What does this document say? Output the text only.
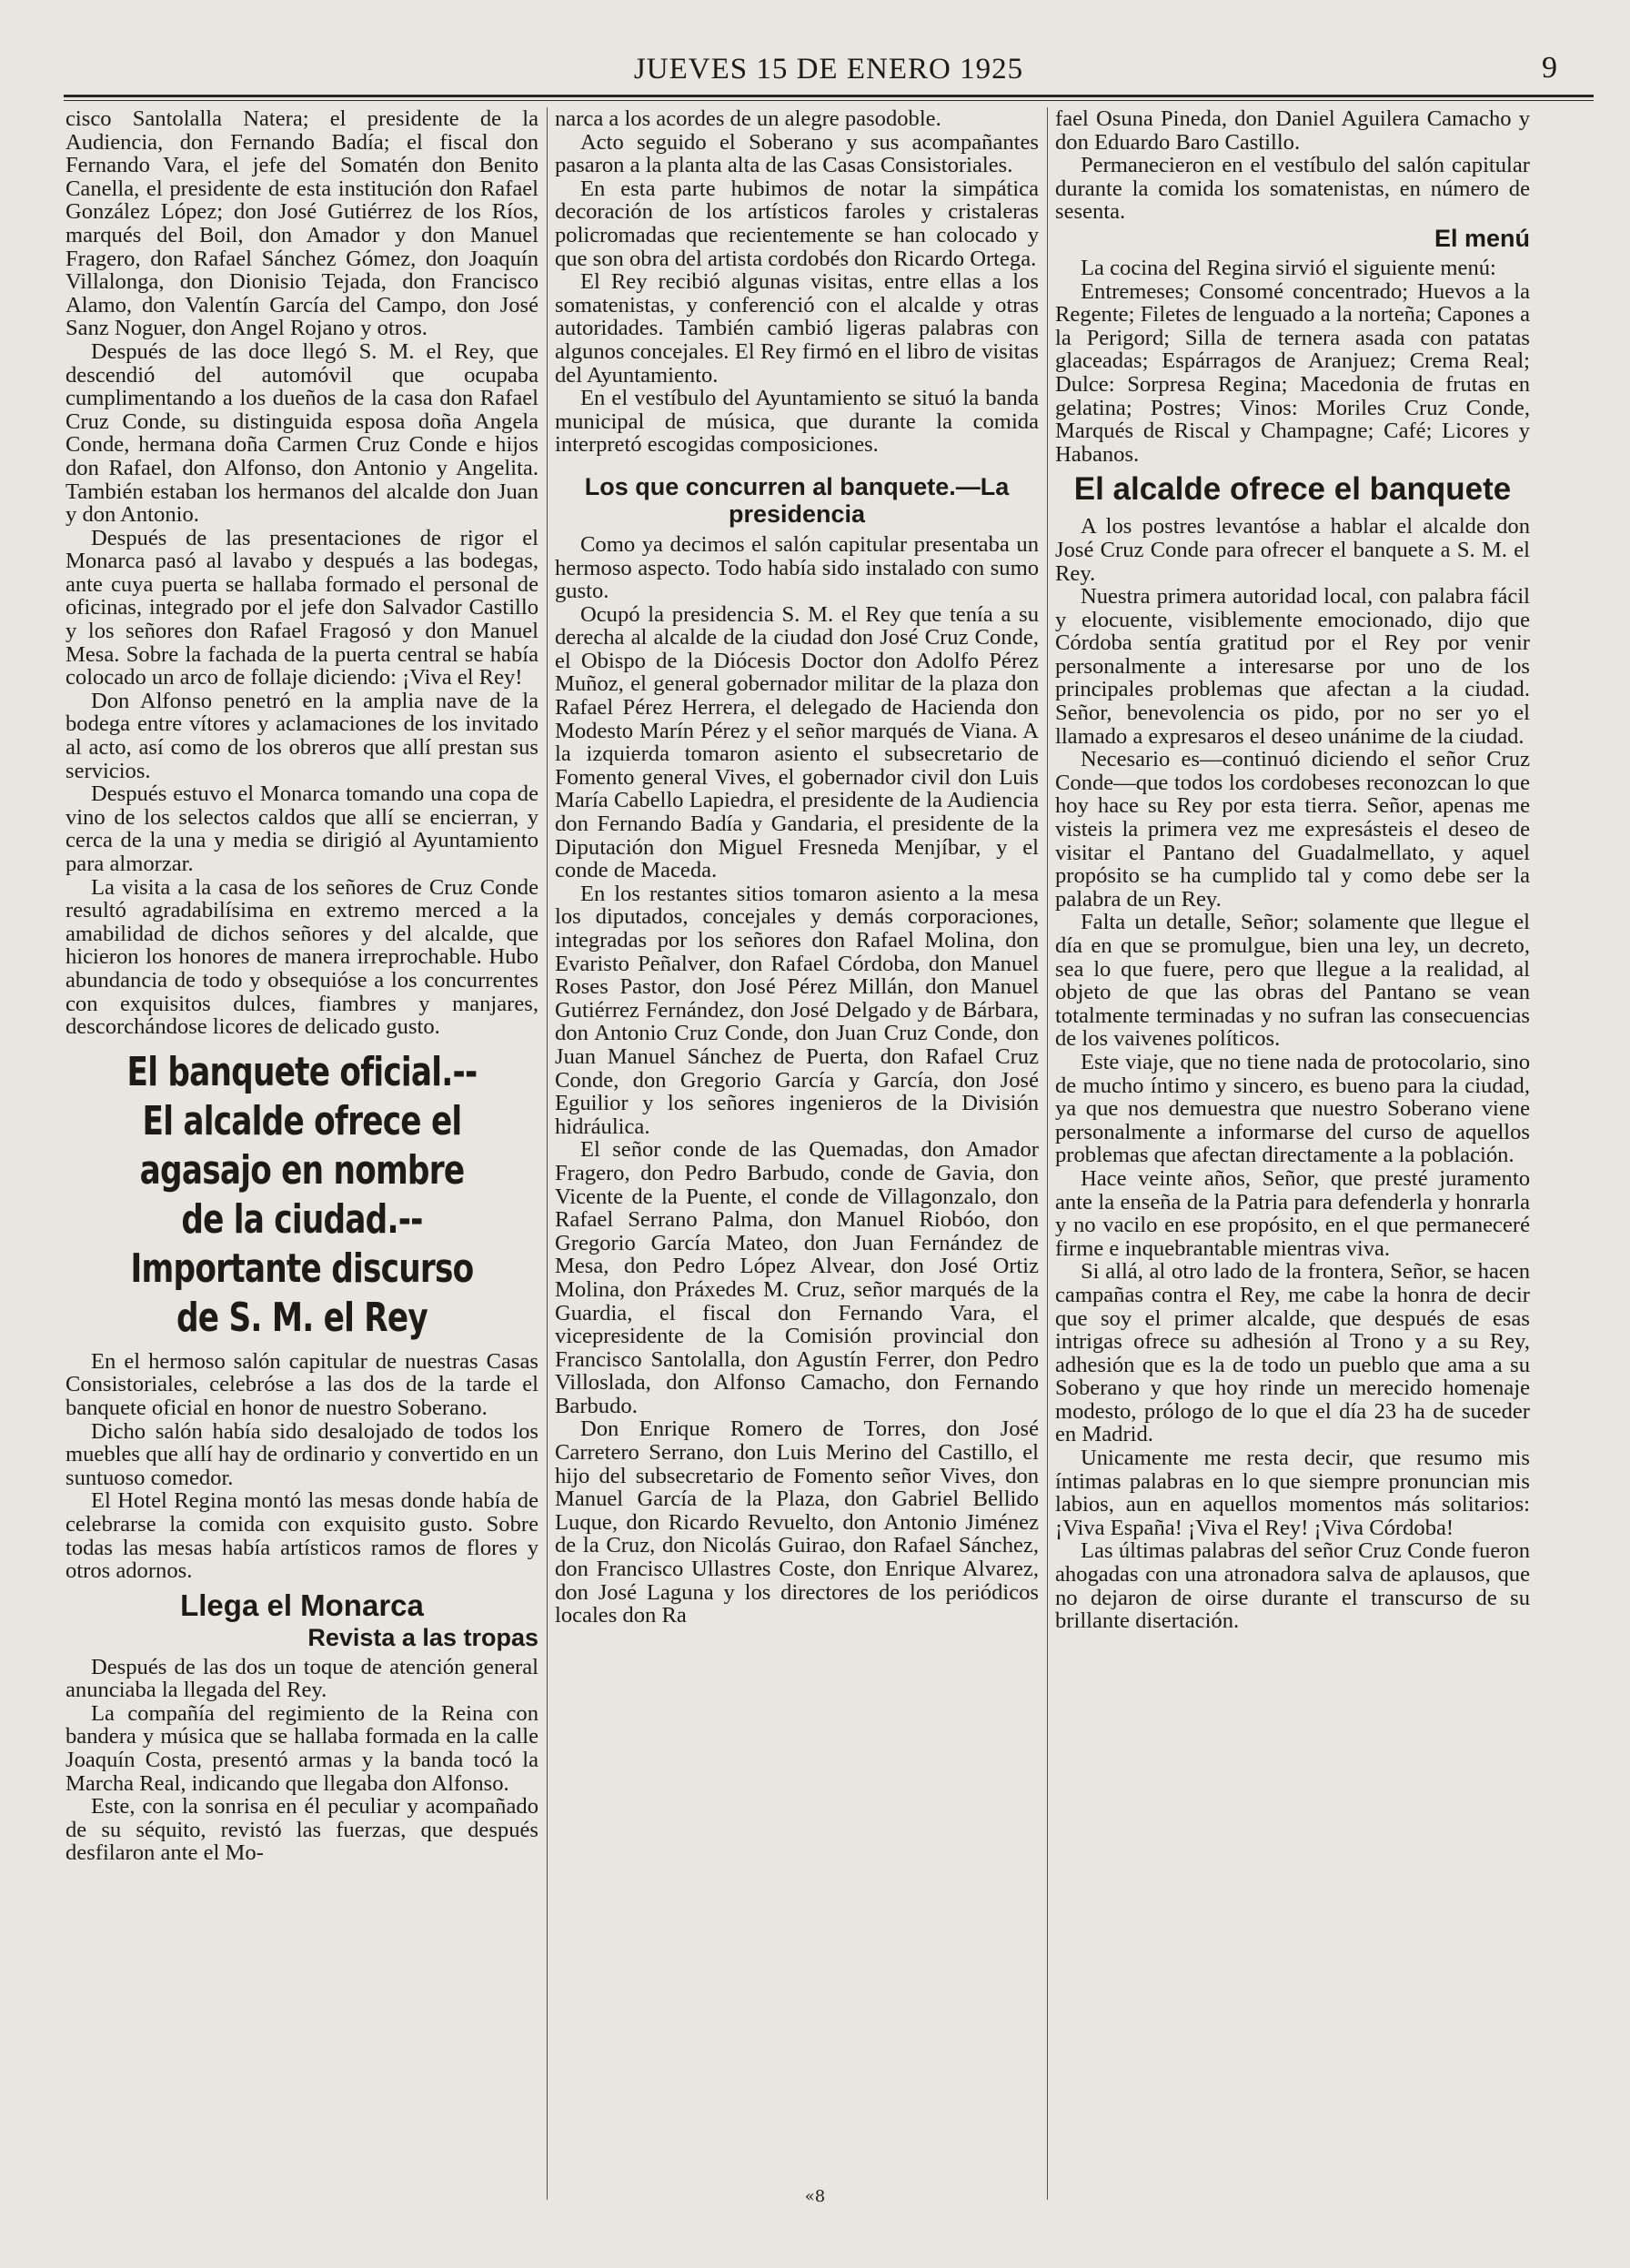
JUEVES 15 DE ENERO 1925	9

cisco Santolalla Natera; el presidente de la Audiencia, don Fernando Badía; el fiscal don Fernando Vara, el jefe del Somatén don Benito Canella, el presidente de esta institución don Rafael González López; don José Gutiérrez de los Ríos, marqués del Boil, don Amador y don Manuel Fragero, don Rafael Sánchez Gómez, don Joaquín Villalonga, don Dionisio Tejada, don Francisco Alamo, don Valentín García del Campo, don José Sanz Noguer, don Angel Rojano y otros.

Después de las doce llegó S. M. el Rey, que descendió del automóvil que ocupaba cumplimentando a los dueños de la casa don Rafael Cruz Conde, su distinguida esposa doña Angela Conde, hermana doña Carmen Cruz Conde e hijos don Rafael, don Alfonso, don Antonio y Angelita. También estaban los hermanos del alcalde don Juan y don Antonio.

Después de las presentaciones de rigor el Monarca pasó al lavabo y después a las bodegas, ante cuya puerta se hallaba formado el personal de oficinas, integrado por el jefe don Salvador Castillo y los señores don Rafael Fragosó y don Manuel Mesa. Sobre la fachada de la puerta central se había colocado un arco de follaje diciendo: ¡Viva el Rey!

Don Alfonso penetró en la amplia nave de la bodega entre vítores y aclamaciones de los invitado al acto, así como de los obreros que allí prestan sus servicios.

Después estuvo el Monarca tomando una copa de vino de los selectos caldos que allí se encierran, y cerca de la una y media se dirigió al Ayuntamiento para almorzar.

La visita a la casa de los señores de Cruz Conde resultó agradabilísima en extremo merced a la amabilidad de dichos señores y del alcalde, que hicieron los honores de manera irreprochable. Hubo abundancia de todo y obsequióse a los concurrentes con exquisitos dulces, fiambres y manjares, descorchándose licores de delicado gusto.

El banquete oficial.--El alcalde ofrece el agasajo en nombre de la ciudad.--Importante discurso de S. M. el Rey

En el hermoso salón capitular de nuestras Casas Consistoriales, celebróse a las dos de la tarde el banquete oficial en honor de nuestro Soberano.

Dicho salón había sido desalojado de todos los muebles que allí hay de ordinario y convertido en un suntuoso comedor.

El Hotel Regina montó las mesas donde había de celebrarse la comida con exquisito gusto. Sobre todas las mesas había artísticos ramos de flores y otros adornos.

Llega el Monarca
Revista a las tropas

Después de las dos un toque de atención general anunciaba la llegada del Rey.

La compañía del regimiento de la Reina con bandera y música que se hallaba formada en la calle Joaquín Costa, presentó armas y la banda tocó la Marcha Real, indicando que llegaba don Alfonso.

Este, con la sonrisa en él peculiar y acompañado de su séquito, revistó las fuerzas, que después desfilaron ante el Mo-

narca a los acordes de un alegre pasodoble.

Acto seguido el Soberano y sus acompañantes pasaron a la planta alta de las Casas Consistoriales.

En esta parte hubimos de notar la simpática decoración de los artísticos faroles y cristaleras policromadas que recientemente se han colocado y que son obra del artista cordobés don Ricardo Ortega.

El Rey recibió algunas visitas, entre ellas a los somatenistas, y conferenció con el alcalde y otras autoridades. También cambió ligeras palabras con algunos concejales. El Rey firmó en el libro de visitas del Ayuntamiento.

En el vestíbulo del Ayuntamiento se situó la banda municipal de música, que durante la comida interpretó escogidas composiciones.

Los que concurren al banquete.—La presidencia

Como ya decimos el salón capitular presentaba un hermoso aspecto. Todo había sido instalado con sumo gusto.

Ocupó la presidencia S. M. el Rey que tenía a su derecha al alcalde de la ciudad don José Cruz Conde, el Obispo de la Diócesis Doctor don Adolfo Pérez Muñoz, el general gobernador militar de la plaza don Rafael Pérez Herrera, el delegado de Hacienda don Modesto Marín Pérez y el señor marqués de Viana. A la izquierda tomaron asiento el subsecretario de Fomento general Vives, el gobernador civil don Luis María Cabello Lapiedra, el presidente de la Audiencia don Fernando Badía y Gandaria, el presidente de la Diputación don Miguel Fresneda Menjíbar, y el conde de Maceda.

En los restantes sitios tomaron asiento a la mesa los diputados, concejales y demás corporaciones, integradas por los señores don Rafael Molina, don Evaristo Peñalver, don Rafael Córdoba, don Manuel Roses Pastor, don José Pérez Millán, don Manuel Gutiérrez Fernández, don José Delgado y de Bárbara, don Antonio Cruz Conde, don Juan Cruz Conde, don Juan Manuel Sánchez de Puerta, don Rafael Cruz Conde, don Gregorio García y García, don José Eguilior y los señores ingenieros de la División hidráulica.

El señor conde de las Quemadas, don Amador Fragero, don Pedro Barbudo, conde de Gavia, don Vicente de la Puente, el conde de Villagonzalo, don Rafael Serrano Palma, don Manuel Riobóo, don Gregorio García Mateo, don Juan Fernández de Mesa, don Pedro López Alvear, don José Ortiz Molina, don Práxedes M. Cruz, señor marqués de la Guardia, el fiscal don Fernando Vara, el vicepresidente de la Comisión provincial don Francisco Santolalla, don Agustín Ferrer, don Pedro Villoslada, don Alfonso Camacho, don Fernando Barbudo.

Don Enrique Romero de Torres, don José Carretero Serrano, don Luis Merino del Castillo, el hijo del subsecretario de Fomento señor Vives, don Manuel García de la Plaza, don Gabriel Bellido Luque, don Ricardo Revuelto, don Antonio Jiménez de la Cruz, don Nicolás Guirao, don Rafael Sánchez, don Francisco Ullastres Coste, don Enrique Alvarez, don José Laguna y los directores de los periódicos locales don Ra

fael Osuna Pineda, don Daniel Aguilera Camacho y don Eduardo Baro Castillo.

Permanecieron en el vestíbulo del salón capitular durante la comida los somatenistas, en número de sesenta.

El menú

La cocina del Regina sirvió el siguiente menú:

Entremeses; Consomé concentrado; Huevos a la Regente; Filetes de lenguado a la norteña; Capones a la Perigord; Silla de ternera asada con patatas glaceadas; Espárragos de Aranjuez; Crema Real; Dulce: Sorpresa Regina; Macedonia de frutas en gelatina; Postres; Vinos: Moriles Cruz Conde, Marqués de Riscal y Champagne; Café; Licores y Habanos.

El alcalde ofrece el banquete

A los postres levantóse a hablar el alcalde don José Cruz Conde para ofrecer el banquete a S. M. el Rey.

Nuestra primera autoridad local, con palabra fácil y elocuente, visiblemente emocionado, dijo que Córdoba sentía gratitud por el Rey por venir personalmente a interesarse por uno de los principales problemas que afectan a la ciudad. Señor, benevolencia os pido, por no ser yo el llamado a expresaros el deseo unánime de la ciudad.

Necesario es—continuó diciendo el señor Cruz Conde—que todos los cordobeses reconozcan lo que hoy hace su Rey por esta tierra. Señor, apenas me visteis la primera vez me expresásteis el deseo de visitar el Pantano del Guadalmellato, y aquel propósito se ha cumplido tal y como debe ser la palabra de un Rey.

Falta un detalle, Señor; solamente que llegue el día en que se promulgue, bien una ley, un decreto, sea lo que fuere, pero que llegue a la realidad, al objeto de que las obras del Pantano se vean totalmente terminadas y no sufran las consecuencias de los vaivenes políticos.

Este viaje, que no tiene nada de protocolario, sino de mucho íntimo y sincero, es bueno para la ciudad, ya que nos demuestra que nuestro Soberano viene personalmente a informarse del curso de aquellos problemas que afectan directamente a la población.

Hace veinte años, Señor, que presté juramento ante la enseña de la Patria para defenderla y honrarla y no vacilo en ese propósito, en el que permaneceré firme e inquebrantable mientras viva.

Si allá, al otro lado de la frontera, Señor, se hacen campañas contra el Rey, me cabe la honra de decir que soy el primer alcalde, que después de esas intrigas ofrece su adhesión al Trono y a su Rey, adhesión que es la de todo un pueblo que ama a su Soberano y que hoy rinde un merecido homenaje modesto, prólogo de lo que el día 23 ha de suceder en Madrid.

Unicamente me resta decir, que resumo mis íntimas palabras en lo que siempre pronuncian mis labios, aun en aquellos momentos más solitarios: ¡Viva España! ¡Viva el Rey! ¡Viva Córdoba!

Las últimas palabras del señor Cruz Conde fueron ahogadas con una atronadora salva de aplausos, que no dejaron de oirse durante el transcurso de su brillante disertación.

«8
